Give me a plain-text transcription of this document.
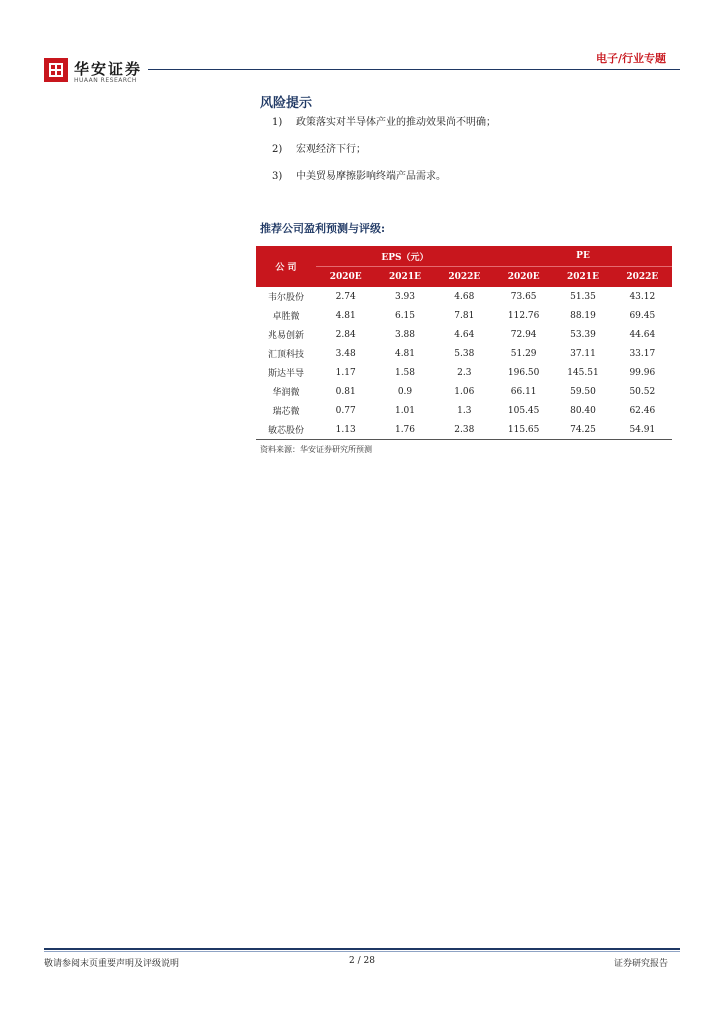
华安证券
HUAAN RESEARCH
电子/行业专题
风险提示
1) 政策落实对半导体产业的推动效果尚不明确；
2) 宏观经济下行；
3) 中美贸易摩擦影响终端产品需求。
推荐公司盈利预测与评级:
公 司	EPS（元）			PE		
	2020E	2021E	2022E	2020E	2021E	2022E
韦尔股份	2.74	3.93	4.68	73.65	51.35	43.12
卓胜微	4.81	6.15	7.81	112.76	88.19	69.45
兆易创新	2.84	3.88	4.64	72.94	53.39	44.64
汇顶科技	3.48	4.81	5.38	51.29	37.11	33.17
斯达半导	1.17	1.58	2.3	196.50	145.51	99.96
华润微	0.81	0.9	1.06	66.11	59.50	50.52
瑞芯微	0.77	1.01	1.3	105.45	80.40	62.46
敏芯股份	1.13	1.76	2.38	115.65	74.25	54.91
资料来源：华安证券研究所预测
敬请参阅末页重要声明及评级说明	2 / 28	证券研究报告
